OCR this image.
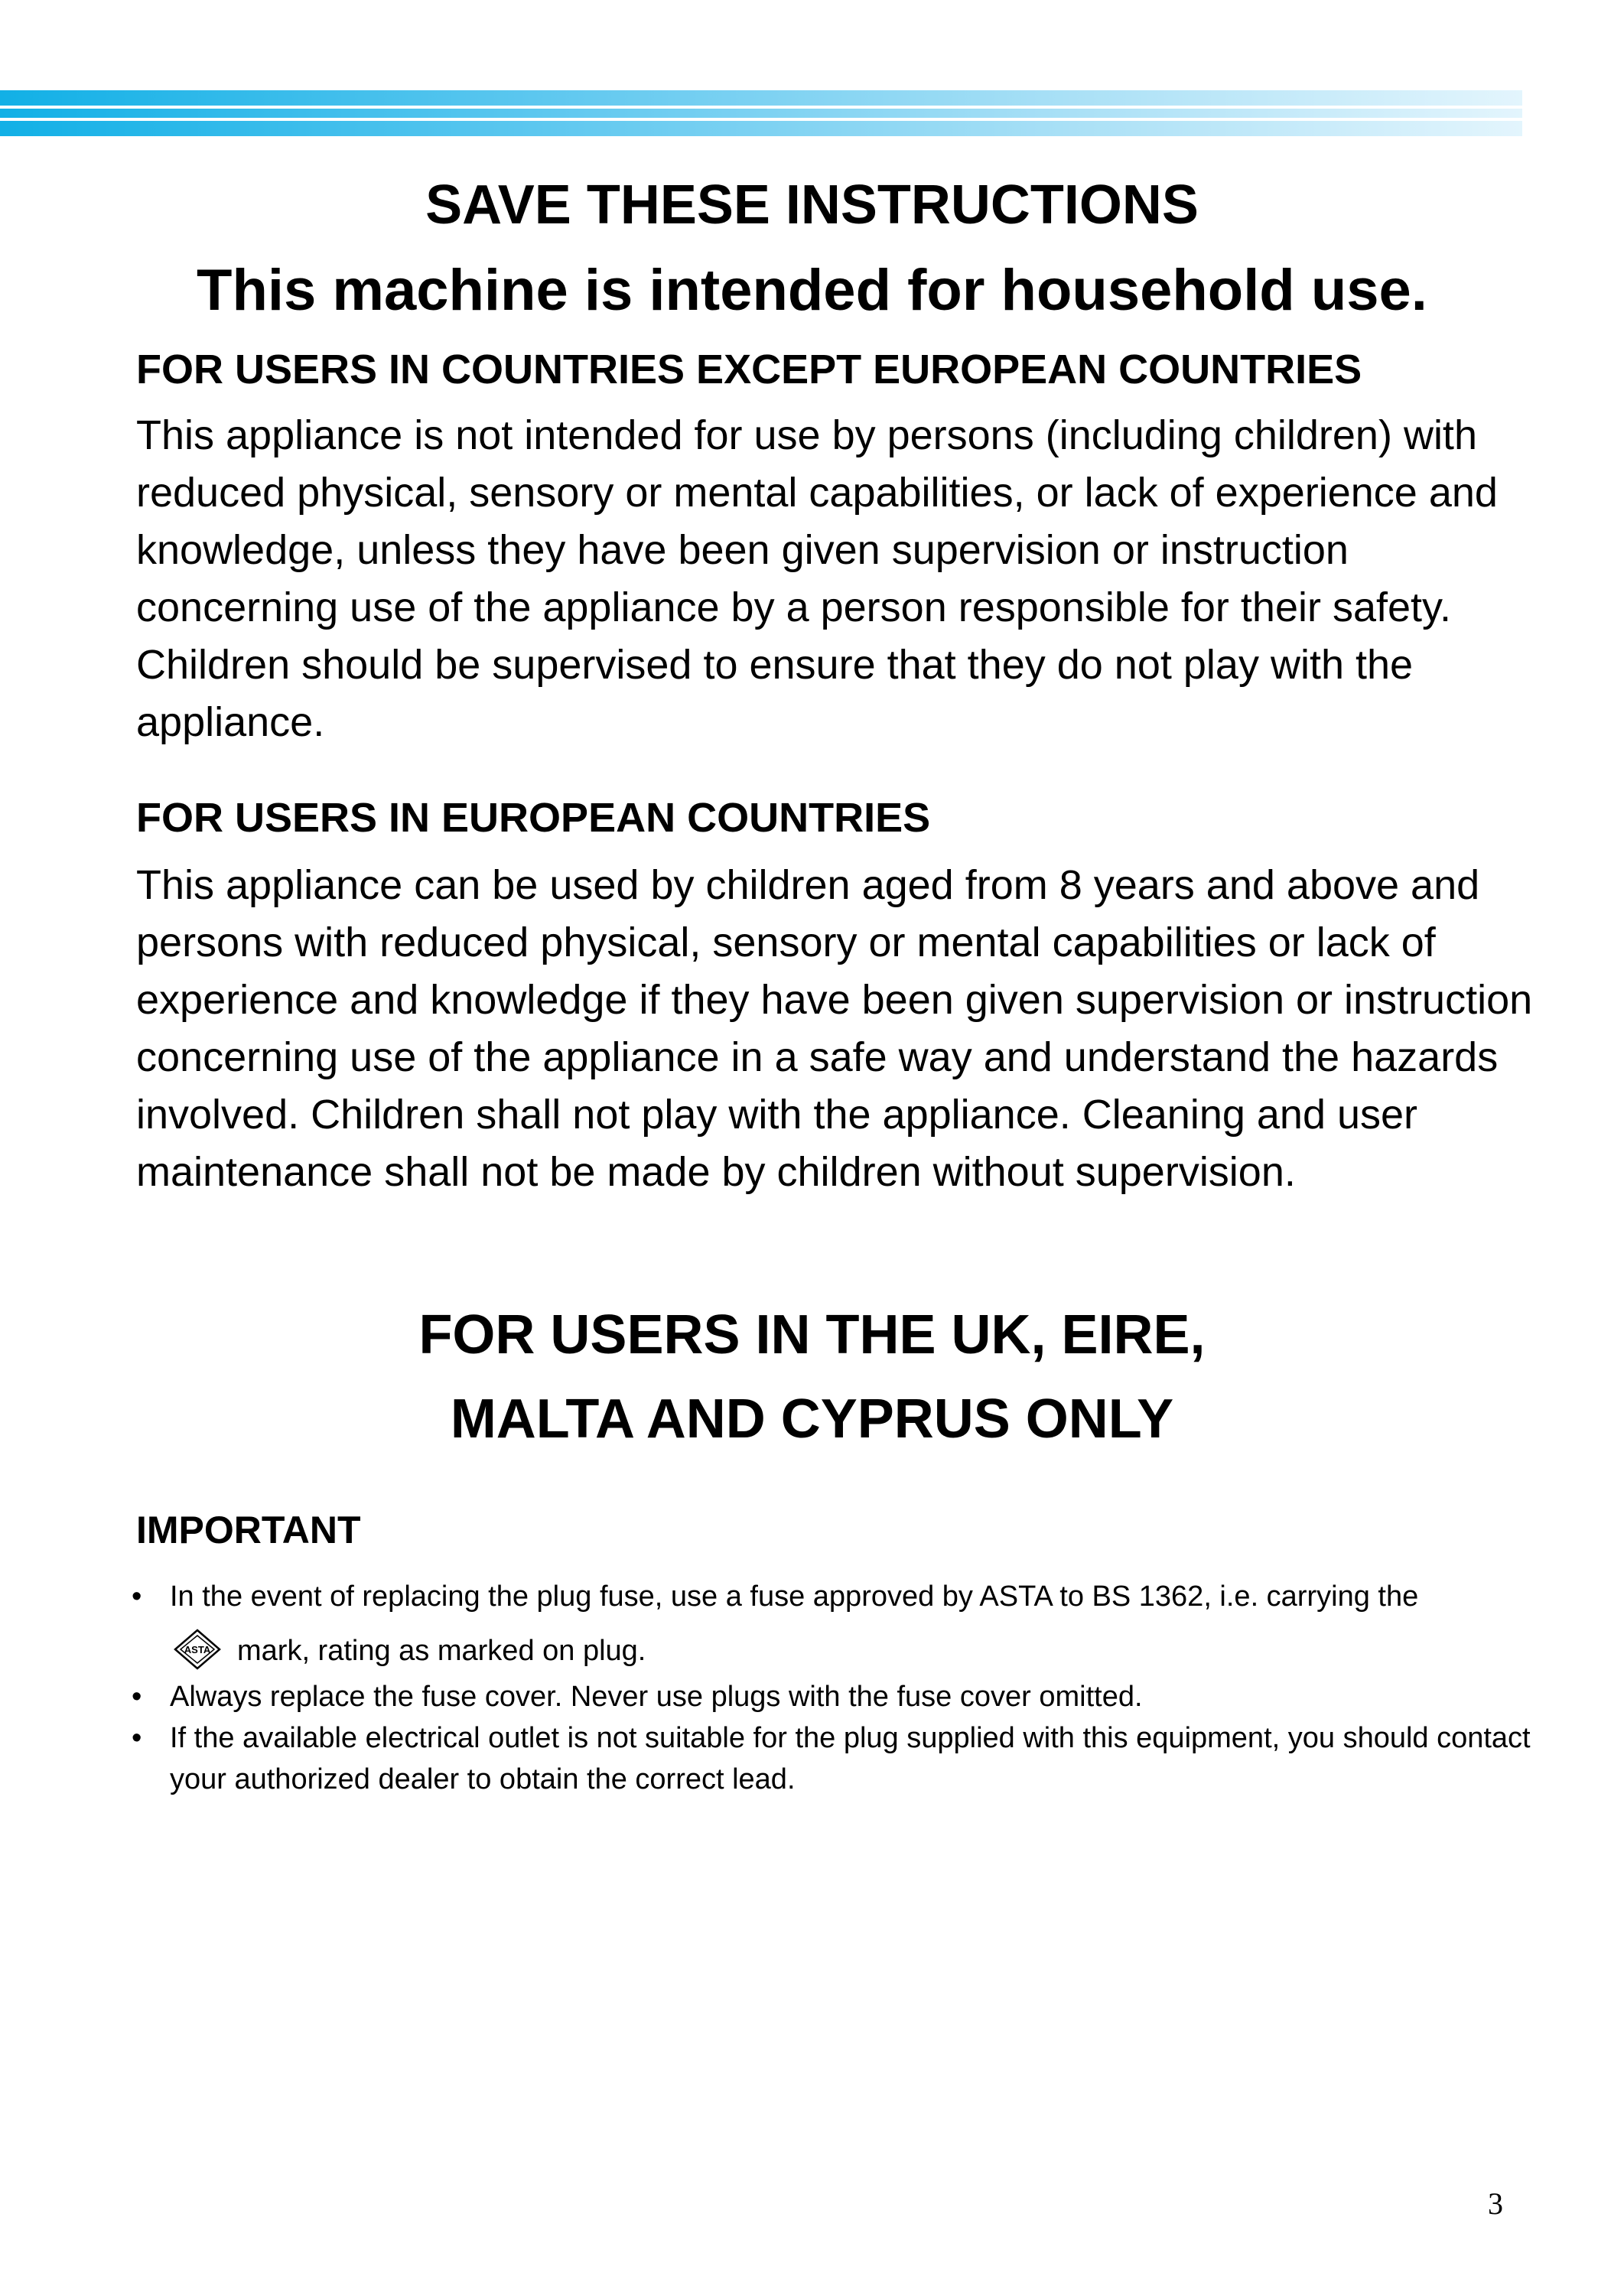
SAVE THESE INSTRUCTIONS
This machine is intended for household use.
FOR USERS IN COUNTRIES EXCEPT EUROPEAN COUNTRIES
This appliance is not intended for use by persons (including children) with reduced physical, sensory or mental capabilities, or lack of experience and knowledge, unless they have been given supervision or instruction concerning use of the appliance by a person responsible for their safety. Children should be supervised to ensure that they do not play with the appliance.
FOR USERS IN EUROPEAN COUNTRIES
This appliance can be used by children aged from 8 years and above and persons with reduced physical, sensory or mental capabilities or lack of experience and knowledge if they have been given supervision or instruction concerning use of the appliance in a safe way and understand the hazards involved. Children shall not play with the appliance. Cleaning and user maintenance shall not be made by children without supervision.
FOR USERS IN THE UK, EIRE,
MALTA AND CYPRUS ONLY
IMPORTANT
• In the event of replacing the plug fuse, use a fuse approved by ASTA to BS 1362, i.e. carrying the
ASTA mark, rating as marked on plug.
• Always replace the fuse cover. Never use plugs with the fuse cover omitted.
• If the available electrical outlet is not suitable for the plug supplied with this equipment, you should contact your authorized dealer to obtain the correct lead.
3
